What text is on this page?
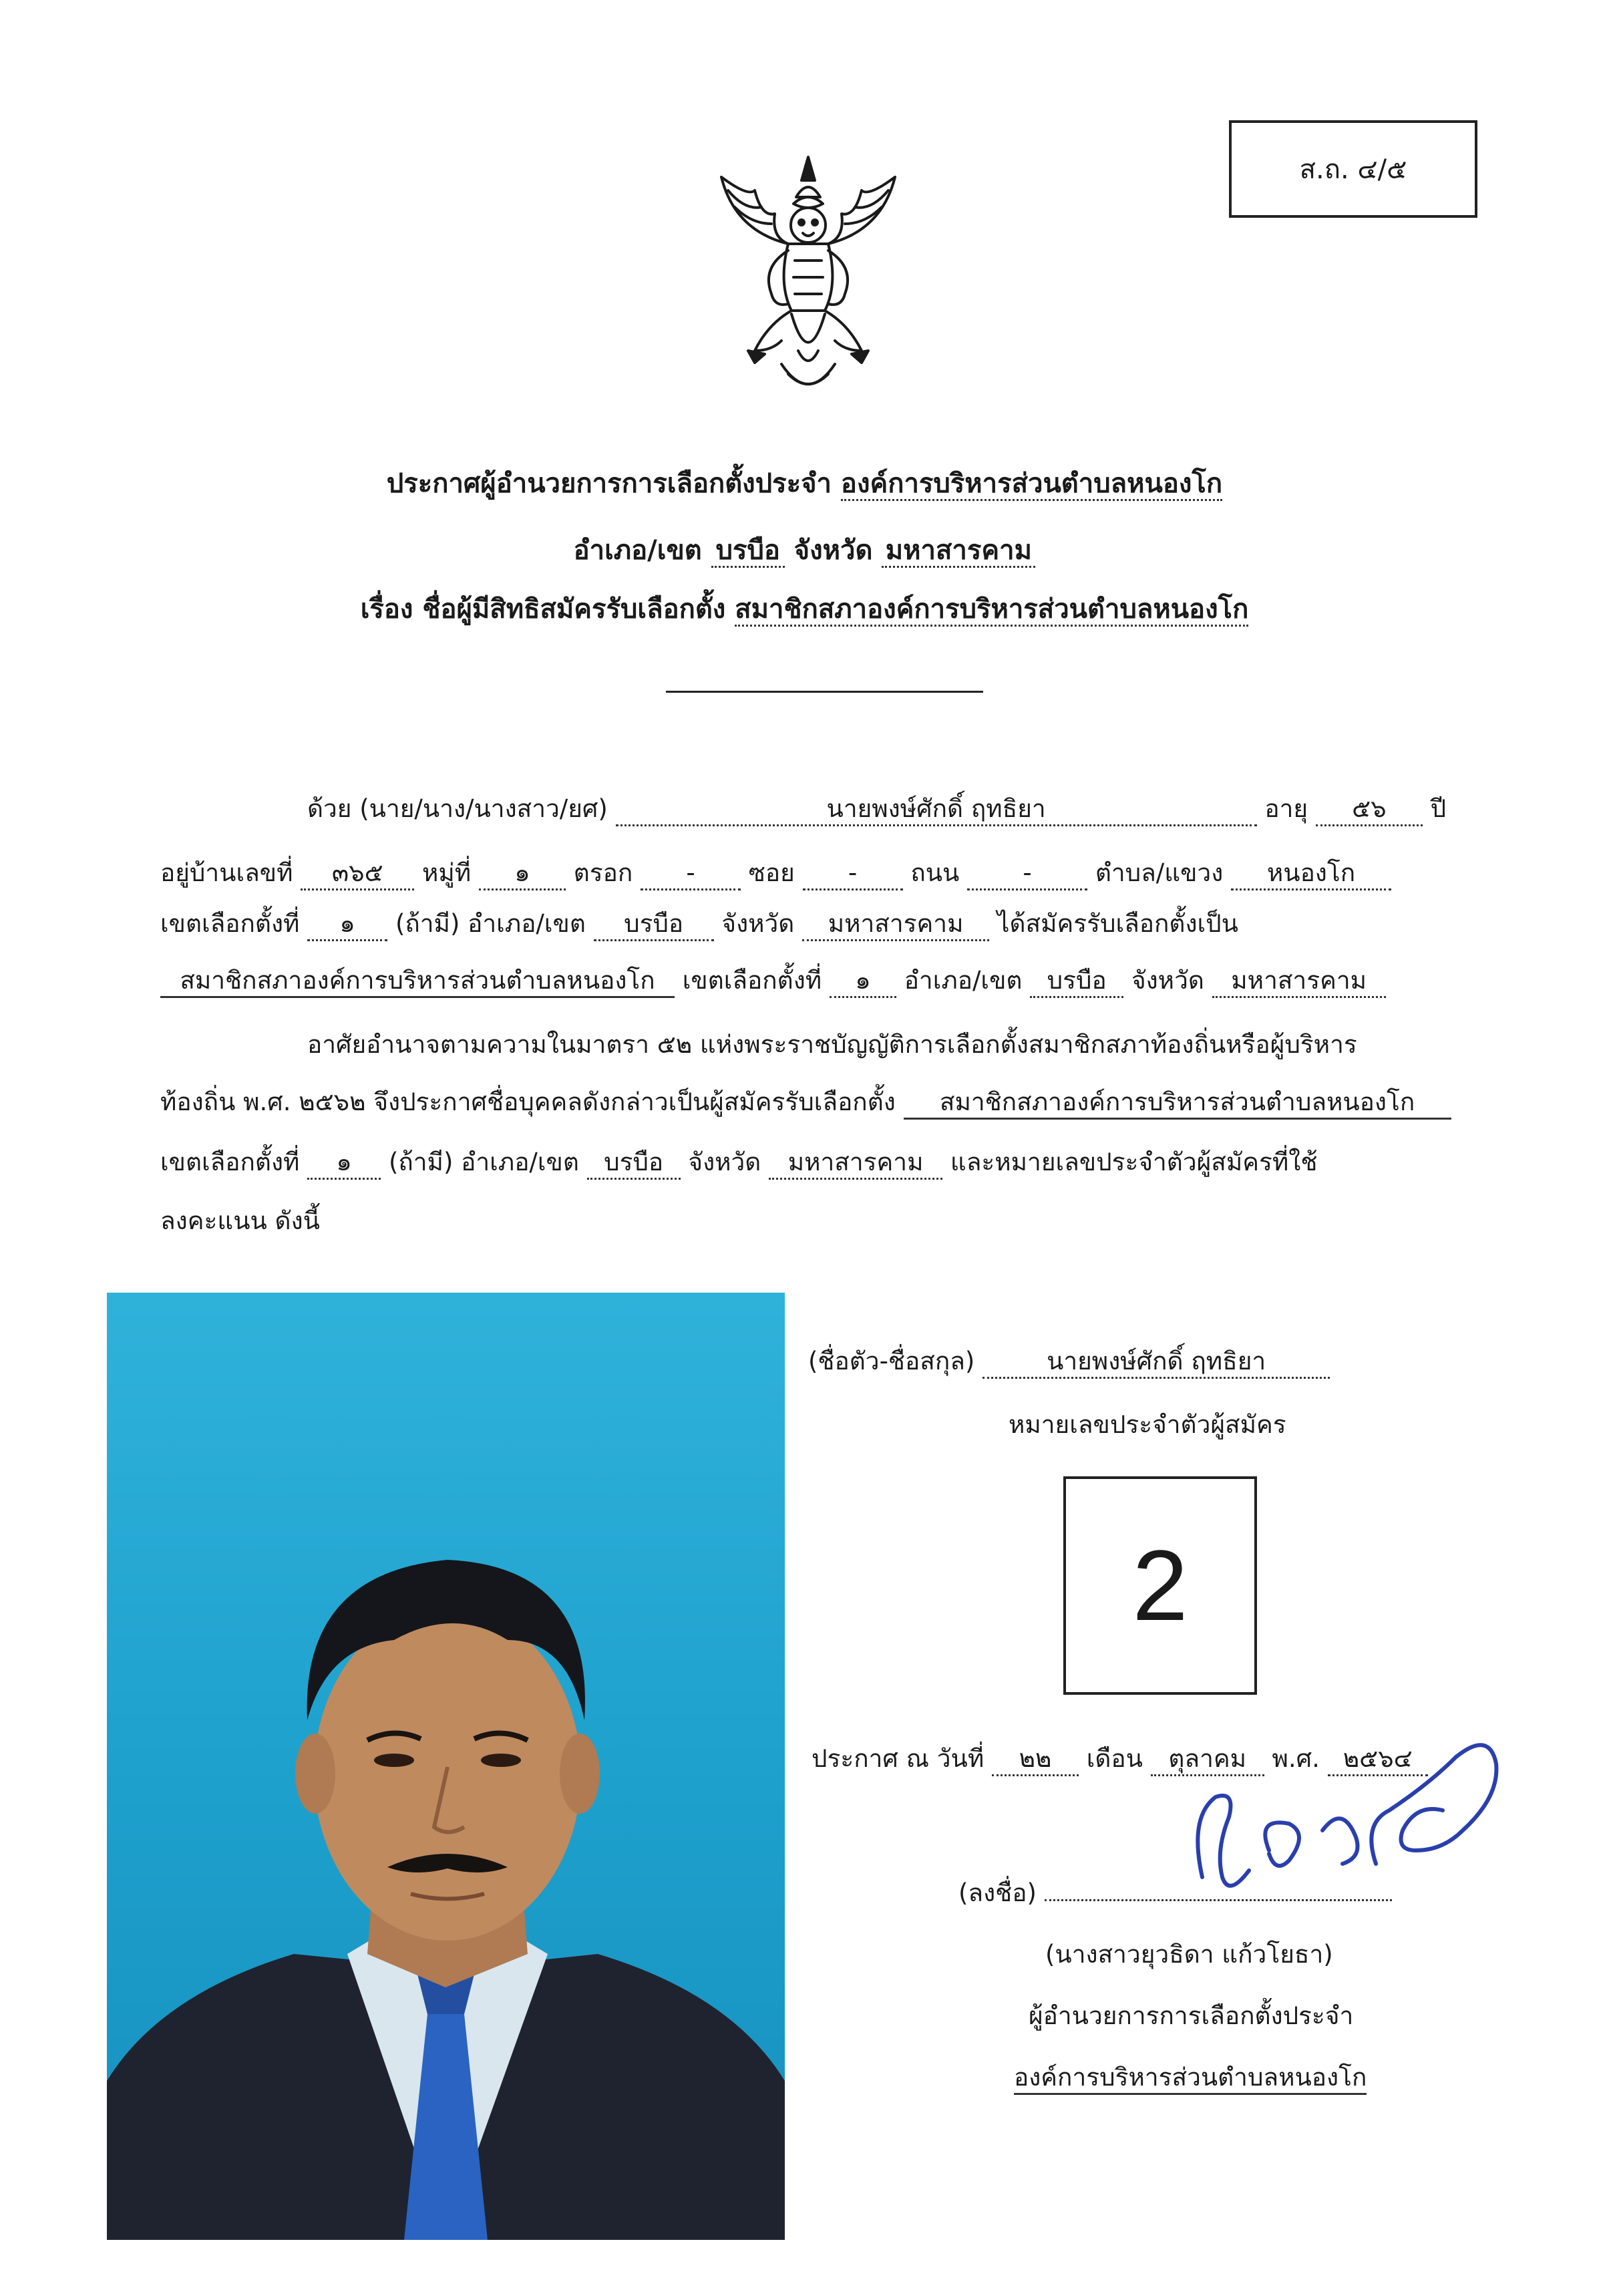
ส.ถ. ๔/๕
ประกาศผู้อำนวยการการเลือกตั้งประจำ องค์การบริหารส่วนตำบลหนองโก
อำเภอ/เขต บรบือ จังหวัด มหาสารคาม
เรื่อง ชื่อผู้มีสิทธิสมัครรับเลือกตั้ง สมาชิกสภาองค์การบริหารส่วนตำบลหนองโก
ด้วย (นาย/นาง/นางสาว/ยศ)	นายพงษ์ศักดิ์ ฤทธิยา	อายุ ๕๖ ปี
อยู่บ้านเลขที่ ๓๖๕ หมู่ที่ ๑ ตรอก - ซอย - ถนน	-	ตำบล/แขวง หนองโก
เขตเลือกตั้งที่ ๑ (ถ้ามี) อำเภอ/เขต บรบือ จังหวัด มหาสารคาม ได้สมัครรับเลือกตั้งเป็น
สมาชิกสภาองค์การบริหารส่วนตำบลหนองโก เขตเลือกตั้งที่ ๑ อำเภอ/เขต บรบือ จังหวัด มหาสารคาม
อาศัยอำนาจตามความในมาตรา ๕๒ แห่งพระราชบัญญัติการเลือกตั้งสมาชิกสภาท้องถิ่นหรือผู้บริหาร
ท้องถิ่น พ.ศ. ๒๕๖๒ จึงประกาศชื่อบุคคลดังกล่าวเป็นผู้สมัครรับเลือกตั้ง สมาชิกสภาองค์การบริหารส่วนตำบลหนองโก
เขตเลือกตั้งที่ ๑ (ถ้ามี) อำเภอ/เขต บรบือ จังหวัด มหาสารคาม และหมายเลขประจำตัวผู้สมัครที่ใช้
ลงคะแนน ดังนี้
(ชื่อตัว-ชื่อสกุล)	นายพงษ์ศักดิ์ ฤทธิยา
หมายเลขประจำตัวผู้สมัคร
2
ประกาศ ณ วันที่ ๒๒ เดือน ตุลาคม พ.ศ. ๒๕๖๔
(ลงชื่อ)
(นางสาวยุวธิดา แก้วโยธา)
ผู้อำนวยการการเลือกตั้งประจำ
องค์การบริหารส่วนตำบลหนองโก
